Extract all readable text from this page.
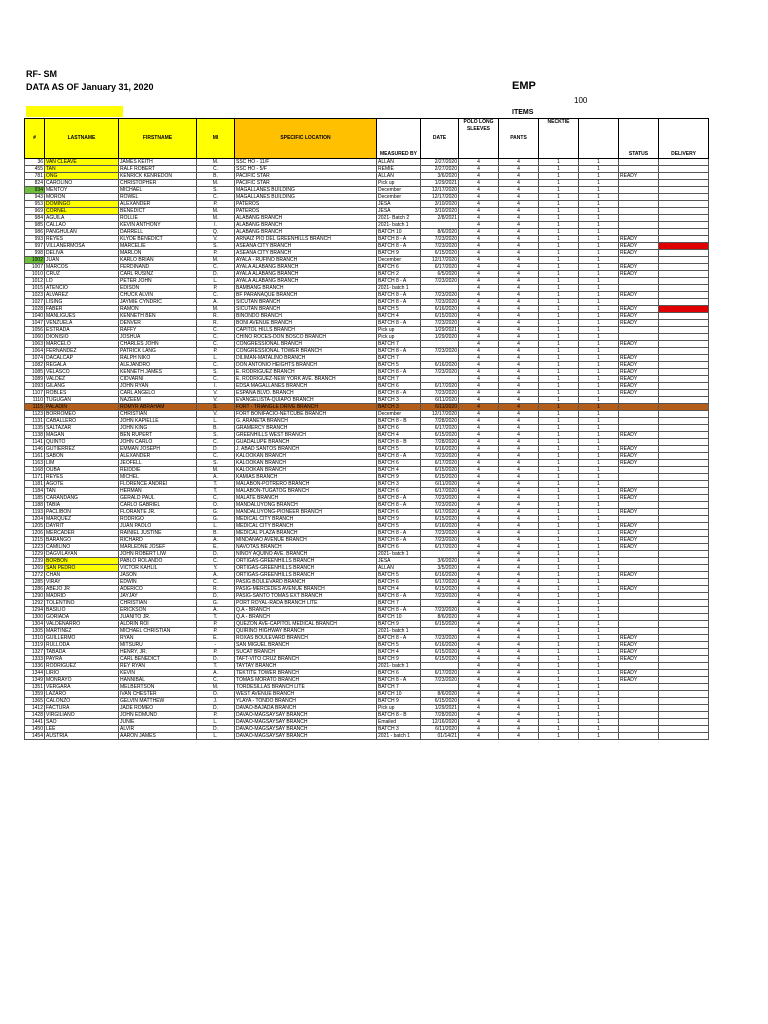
RF- SM
DATA AS OF January 31, 2020	EMP
100
ITEMS
#	LASTNAME	FIRSTNAME	MI	SPECIFIC LOCATION	MEASURED BY	DATE	POLO LONG SLEEVES	PANTS	NECKTIE		STATUS	DELIVERY
36	VAN CLEAVE	JAMES KEITH	M.	SSC HO - 11/F	ALLAN	2/27/2020	4	4	1	1		
455	TAN	RALF ROBERT	C.	SSC HO - 5/F	REMIE	2/27/2020	4	4	1	1		
781	ONG	KENRICK KENREDON	B.	PACIFIC STAR	ALLAN	3/6/2020	4	4	1	1	READY	
824	CAROLINO	CHRISTOPHER	M.	PACIFIC STAR	Pick up	1/29/2021	4	4	1	1		
934	MENTOY	MICHAEL	S.	MAGALLANES BUILDING	December	12/17/2020	4	4	1	1		
943	MORON	ROWEL	C.	MAGALLANES BUILDING	December	12/17/2020	4	4	1	1		
953	DOMINGO	ALEXANDER	P.	PATEROS	JESA	3/10/2020	4	4	1	1		
969	CORNEL	BENEDICT	M.	PATEROS	JESA	3/10/2020	4	4	1	1		
984	AGUILA	ROLLIE	M.	ALABANG BRANCH	2021- Batch 2	2/8/2021	4	4	1	1		
985	CALLAO	KEVIN ANTHONY	I.	ALABANG BRANCH	2021- batch 1		4	4	1	1		
986	PANGHULAN	DARRELL	Q.	ALABANG BRANCH	BATCH 10	8/6/2020	4	4	1	1		
993	REYES	KLYDE BENEDICT	V.	ARNAIZ PIO DEL GREENHILLS BRANCH	BATCH 8 - A	7/23/2020	4	4	1	1	READY	
997	VILLANERMOSA	MARCELIE	S.	ASEANA CITY BRANCH	BATCH 8 - A	7/23/2020	4	4	1	1	READY	
998	DELIVA	MARLON	P.	ASEANA CITY BRANCH	BATCH 9	6/15/2020	4	4	1	1	READY	
1002	JUAN	KARLO BRIAN	M.	AYALA - RUFINO BRANCH	December	12/17/2020	4	4	1	1		
1007	MARCOS	FERDINAND	C.	AYALA ALABANG BRANCH	BATCH 6	6/17/2020	4	4	1	1	READY	
1010	CRUZ	CARL RUSINZ	D.	AYALA ALABANG BRANCH	BATCH 2	6/5/2020	4	4	1	1	READY	
1012	LO	PETER JOHN	L.	AYALA ALABANG BRANCH	BATCH 8 - A	7/23/2020	4	4	1	1		
1015	ATENCIO	EDISON	P.	BAMBANG BRANCH	2021- batch 1		4	4	1	1		
1023	ALVAREZ	CHUCK ALVIN	C.	BF PARANAQUE BRANCH	BATCH 8 - A	7/23/2020	4	4	1	1	READY	
1027	LISING	JAYMIE CYNDRIC	A.	SICUTAN BRANCH	BATCH 8 - A	7/23/2020	4	4	1	1		
1028	FABER	RAMON	M.	SICUTAN BRANCH	BATCH 5	6/16/2020	4	4	1	1	READY	
1040	MANLIGUES	KENNETH BEN	R.	BINONDO BRANCH	BATCH 4	6/15/2020	4	4	1	1	READY	
1047	VENZUELA	DENVER	R.	BONI AVENUE BRANCH	BATCH 8 - A	7/23/2020	4	4	1	1	READY	
1056	ESTRADA	RAFFY	C.	CAPITOL HILLS BRANCH	Pick up	1/29/2021	4	4	1	1		
1060	DIONISIO	JOSHUA	C.	CHINO ROCES-DON BOSCO BRANCH	Pick up	1/29/2020	4	4	1	1		
1063	MARCELO	CHARLES JOHN	C.	CONGRESSIONAL BRANCH	BATCH 7		4	4	1	1	READY	
1064	FERNANDEZ	PATRICK LANG	P.	CONGRESSIONAL TOWER BRANCH	BATCH 8 - A	7/23/2020	4	4	1	1		
1074	DACALCAP	RALPH NIKO	L.	DILIMAN-MATALINO BRANCH	BATCH 7		4	4	1	1	READY	
1082	REGALA	ALEJANDRO	C.	DON ANTONIO HEIGHTS BRANCH	BATCH 5	6/16/2020	4	4	1	1	READY	
1085	VELASCO	KENNETH JAMES	S.	E. RODRIGUEZ BRANCH	BATCH 8 - A	7/23/2020	4	4	1	1	READY	
1089	VALDEZ	CIDVARNI	C.	E. RODRIGUEZ-NEW YORK AVE. BRANCH	BATCH 7		4	4	1	1	READY	
1093	GILANG	JOHN RYAN	I.	EDSA MAGALLANES BRANCH	BATCH 6	6/17/2020	4	4	1	1	READY	
1107	ROBLES	CARL ANGELO	V.	ESPAÑA BLVD. BRANCH	BATCH 8 - A	7/23/2020	4	4	1	1	READY	
1110	TUGUGAN	NAZEEM	V.	EVANGELISTA-QUIAPO BRANCH	BATCH 3	6/11/2020	4	4	1	1		
1115	PALADIN	ROMYR ABRAHAM	S.	FORT - TRIANGLE DRIVE BRANCH	BATCH 3	6/11/2020	4	4	1	1		
1123	BORROMEO	CHRISTIAN	V.	FORT BONIFACIO-NETCUBE BRANCH	December	12/17/2020	4	4	1	1		
1131	CABALLERO	JOHN KAPIELLE	L.	G. ARANETA BRANCH	BATCH 8 - B	7/28/2020	4	4	1	1		
1135	SALTAZAR	JOHN KING	B.	GRAMERCY BRANCH	BATCH 6	6/17/2020	4	4	1	1		
1138	MAGAN	BEN RUPERT	S.	GREENHILLS WEST BRANCH	BATCH 4	6/15/2020	4	4	1	1	READY	
1141	QUINTO	JOHN CARLO	C.	GUADALUPE BRANCH	BATCH 8 - B	7/28/2020	4	4	1	1		
1146	GUTIERREZ	EMMAN JOSEPH	D.	J. ABAD SANTOS BRANCH	BATCH 5	6/16/2020	4	4	1	1	READY	
1161	SABON	ALEXANDER	C.	KALOOKAN BRANCH	BATCH 8 - A	7/23/2020	4	4	1	1	READY	
1163	LIM	JEOFELL	S.	KALOOKAN BRANCH	BATCH 6	6/17/2020	4	4	1	1	READY	
1168	OUBA	REIDDIE	M.	KALOOKAN BRANCH	BATCH 4	6/15/2020	4	4	1	1		
1171	REYES	MICHEL	A.	KAMIAS BRANCH	BATCH 9	6/15/2020	4	4	1	1		
1181	AGOTE	FLORENCE ANDREI	T.	MALABON-POTRERO BRANCH	BATCH 3	6/11/2020	4	4	1	1		
1184	TAN	HERMAN	T.	MALABON-TUGATOG BRANCH	BATCH 6	6/17/2020	4	4	1	1	READY	
1185	CARANDANG	GERALD PAUL	C.	MALATE BRANCH	BATCH 8 - A	7/23/2020	4	4	1	1	READY	
1188	TABIA	CARLO GABRIEL	O.	MANDALUYONG BRANCH	BATCH 8 - A	7/23/2020	4	4	1	1		
1193	PACLIBON	FLORANTE JR.	G.	MANDALUYONG-PIONEER BRANCH	BATCH 6	6/17/2020	4	4	1	1	READY	
1204	MARQUEZ	RODRIGO	G.	MEDICAL CITY BRANCH	BATCH 9	6/15/2020	4	4	1	1		
1205	DAYRIT	JUAN PAOLO	L.	MEDICAL CITY BRANCH	BATCH 5	6/16/2020	4	4	1	1	READY	
1206	MERCADER	RAINIEL JUSTINE	B.	MEDICAL PLAZA BRANCH	BATCH 8 - A	7/23/2020	4	4	1	1	READY	
1215	BARANGO	RICHARD	A.	MINDANAO AVENUE BRANCH	BATCH 8 - A	7/23/2020	4	4	1	1	READY	
1223	CAMILINO	MARLEDNE JOSEF	E.	NAVOTAS BRANCH	BATCH 6	6/17/2020	4	4	1	1	READY	
1229	DAGVILAYAN	JOHN ROBERT LIW	D.	NINOY AQUINO AVE. BRANCH	2021- batch 1		4	4	1	1		
1239	BORBON	PABLO ROLANDO	C.	ORTIGAS-GREENHILLS BRANCH	JESA	3/6/2020	4	4	1	1		
1269	SAN PEDRO	VICTOR KAHLIL	Y.	ORTIGAS-GREENHILLS BRANCH	ALLAN	3/5/2020	4	4	1	1		
1272	CHAN	JASON	A.	ORTIGAS-GREENHILLS BRANCH	BATCH 5	6/16/2020	4	4	1	1	READY	
1285	VIRAY	EDWIN	C.	PASIG BOULEVARD BRANCH	BATCH 6	6/17/2020	4	4	1	1		
1286	ABEJO JR	ADERICO	R.	PASIG-MERCEDES AVENUE BRANCH	BATCH 4	6/15/2020	4	4	1	1	READY	
1290	MADRID	JAYJAY	D.	PASIG-SANTO TOMAS EXT BRANCH	BATCH 8 - A	7/23/2020	4	4	1	1		
1292	TOLENTINO	CHRISTIAN	G.	PORT ROYAL-RADA BRANCH LITE	BATCH 7		4	4	1	1		
1294	BASILIO	ERICKSON	A.	Q.A - BRANCH	BATCH 8 - A	7/23/2020	4	4	1	1		
1300	GORIADA	JUANITO JR.	T.	Q.A - BRANCH	BATCH 10	8/6/2020	4	4	1	1		
1304	VALDENARRO	ALDRIN ROI	P.	QUEZON AVE-CAPITOL MEDICAL BRANCH	BATCH 9	6/15/2020	4	4	1	1		
1305	MARTINEZ	MICHAEL CHRISTIAN	P.	QUIRINO HIGHWAY BRANCH	2021- batch 1		4	4	1	1		
1310	GUILLERMO	RYAN	E.	ROXAS BOULEVARD BRANCH	BATCH 8 - A	7/23/2020	4	4	1	1	READY	
1319	RULLODA	MITSURU	-	SAN MIGUEL BRANCH	BATCH 5	6/16/2020	4	4	1	1	READY	
1327	TABADA	HENRY, JR.	P.	SUCAT BRANCH	BATCH 4	6/15/2020	4	4	1	1	READY	
1333	PAYRA	CARL BENEDICT	D.	TAFT-VITO CRUZ BRANCH	BATCH 9	6/15/2020	4	4	1	1	READY	
1336	RODRIGUEZ	REY RYAN	T.	TAYTAY BRANCH	2021- batch 1		4	4	1	1		
1344	LIRIO	KEVIN	A.	TEKTITE TOWER BRANCH	BATCH 6	6/17/2020	4	4	1	1	READY	
1349	MONRAYO	HANNIBAL	C.	TOMAS MORATO BRANCH	BATCH 8 - A	7/23/2020	4	4	1	1	READY	
1351	VERGARA	MELBERTSON	M.	TORDESILLAS BRANCH LITE	BATCH 7		4	4	1	1		
1359	LAZARO	IVAN CHESTER	O.	WEST AVENUE BRANCH	BATCH 10	8/6/2020	4	4	1	1		
1365	CALONZO	GELVIN MATTHEW	J.	YLAYA - TONDO BRANCH	BATCH 9	6/15/2020	4	4	1	1		
1412	FACTURA	JADE ROMEO	D.	DAVAO-BAJADA BRANCH	Pick up	1/29/2021	4	4	1	1		
1428	VIRGILIANO	JOHN EDMUND	P.	DAVAO-MAGSAYSAY BRANCH	BATCH 8 - B	7/28/2020	4	4	1	1		
1441	SAO	JUNIE	L.	DAVAO-MAGSAYSAY BRANCH	Emailed	12/16/2020	4	4	1	1		
1450	LEE	ALVIR	D.	DAVAO-MAGSAYSAY BRANCH	BATCH 3	6/11/2020	4	4	1	1		
1454	AUSTRIA	AARON JAMES	L.	DAVAO-MAGSAYSAY BRANCH	2021 - batch 1	01/14/21	4	4	1	1		
